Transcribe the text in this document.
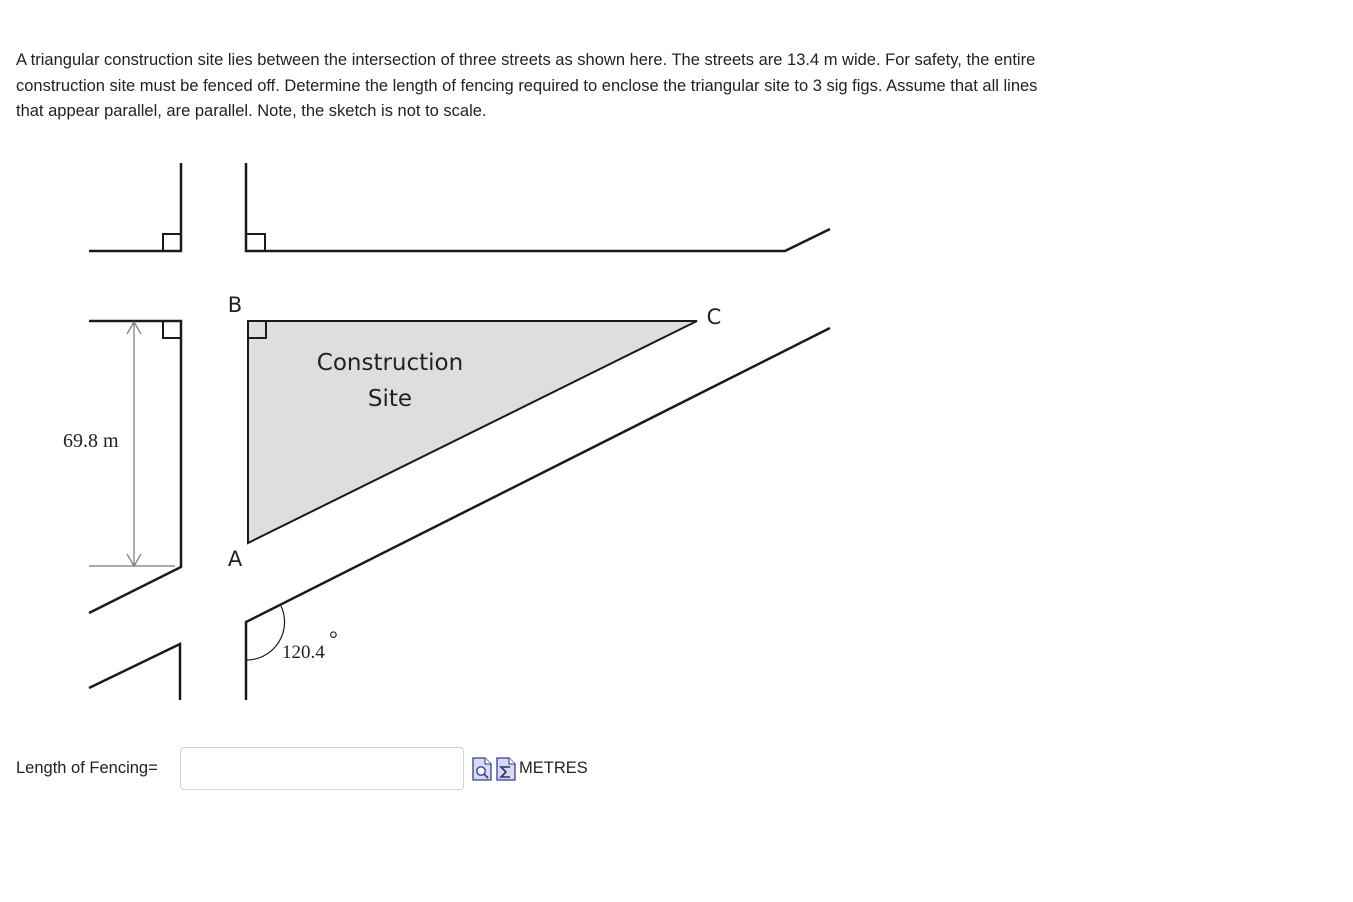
A triangular construction site lies between the intersection of three streets as shown here. The streets are 13.4 m wide. For safety, the entire construction site must be fenced off. Determine the length of fencing required to enclose the triangular site to 3 sig figs. Assume that all lines that appear parallel, are parallel. Note, the sketch is not to scale.

B	C
A
Construction
Site
69.8 m
120.4
°
Length of Fencing=	METRES
